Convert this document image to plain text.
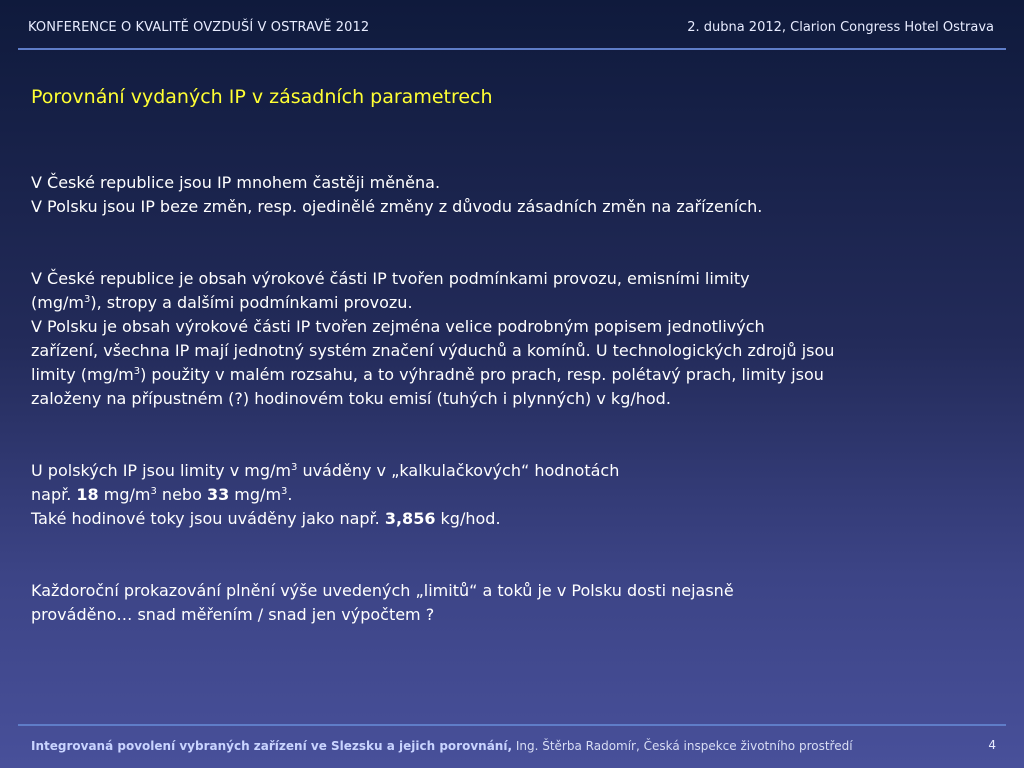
KONFERENCE O KVALITĚ OVZDUŠÍ V OSTRAVĚ 2012	2. dubna 2012, Clarion Congress Hotel Ostrava
Porovnání vydaných IP v zásadních parametrech

V České republice jsou IP mnohem častěji měněna.
V Polsku jsou IP beze změn, resp. ojedinělé změny z důvodu zásadních změn na zařízeních.

V České republice je obsah výrokové části IP tvořen podmínkami provozu, emisními limity
$(mg/m^3)$, stropy a dalšími podmínkami provozu.
V Polsku je obsah výrokové části IP tvořen zejména velice podrobným popisem jednotlivých
zařízení, všechna IP mají jednotný systém značení výduchů a komínů. U technologických zdrojů jsou
limity $(mg/m^3)$ použity v malém rozsahu, a to výhradně pro prach, resp. polétavý prach, limity jsou
založeny na přípustném (?) hodinovém toku emisí (tuhých i plynných) v kg/hod.

U polských IP jsou limity v $mg/m^3$ uváděny v „kalkulačkových“ hodnotách
např. 18 $mg/m^3$ nebo 33 $mg/m^3$.
Také hodinové toky jsou uváděny jako např. 3,856 kg/hod.

Každoroční prokazování plnění výše uvedených „limitů“ a toků je v Polsku dosti nejasně
prováděno… snad měřením / snad jen výpočtem ?

Integrovaná povolení vybraných zařízení ve Slezsku a jejich porovnání, Ing. Štěrba Radomír, Česká inspekce životního prostředí	4
